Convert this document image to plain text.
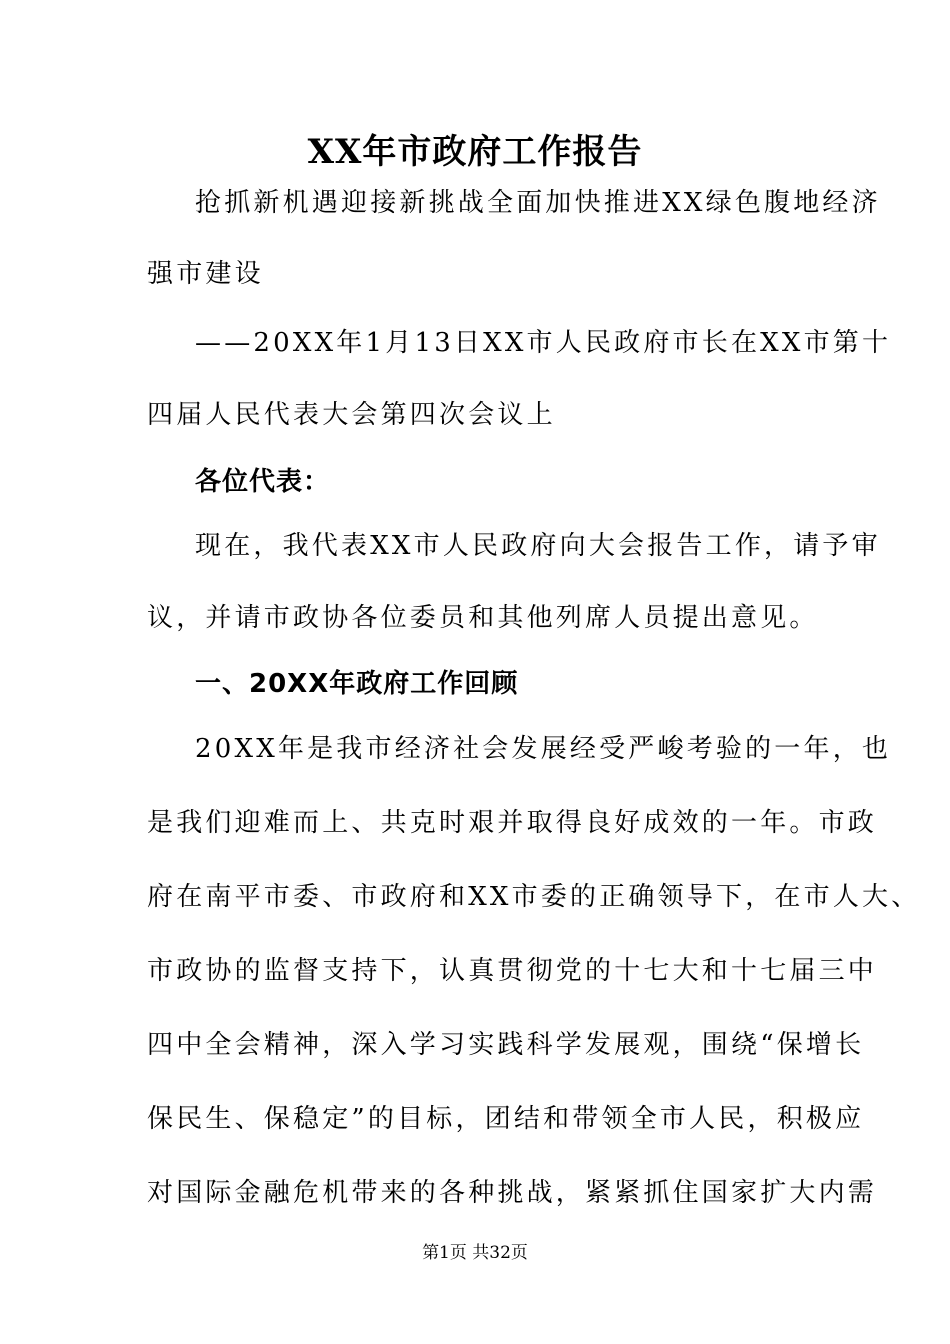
XX年市政府工作报告
抢抓新机遇迎接新挑战全面加快推进XX绿色腹地经济
强市建设
——20XX年1月13日XX市人民政府市长在XX市第十
四届人民代表大会第四次会议上
各位代表：
现在，我代表XX市人民政府向大会报告工作，请予审
议，并请市政协各位委员和其他列席人员提出意见。
一、20XX年政府工作回顾
20XX年是我市经济社会发展经受严峻考验的一年，也
是我们迎难而上、共克时艰并取得良好成效的一年。市政
府在南平市委、市政府和XX市委的正确领导下，在市人大、
市政协的监督支持下，认真贯彻党的十七大和十七届三中
四中全会精神，深入学习实践科学发展观，围绕“保增长
保民生、保稳定”的目标，团结和带领全市人民，积极应
对国际金融危机带来的各种挑战，紧紧抓住国家扩大内需
第1页 共32页
